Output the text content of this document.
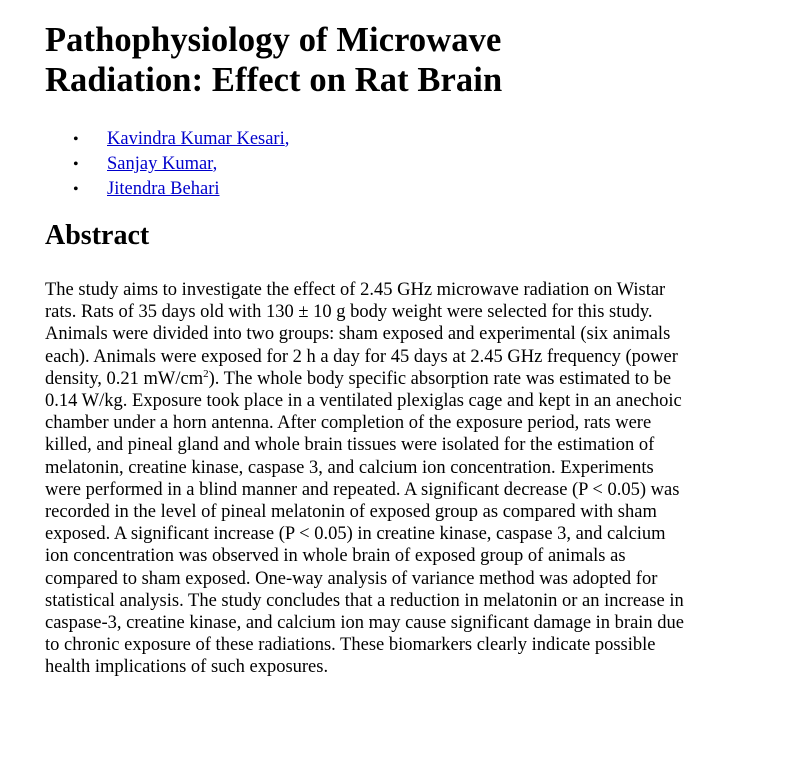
Pathophysiology of Microwave
Radiation: Effect on Rat Brain
• Kavindra Kumar Kesari,
• Sanjay Kumar,
• Jitendra Behari
Abstract

The study aims to investigate the effect of 2.45 GHz microwave radiation on Wistar
rats. Rats of 35 days old with 130 ± 10 g body weight were selected for this study.
Animals were divided into two groups: sham exposed and experimental (six animals
each). Animals were exposed for 2 h a day for 45 days at 2.45 GHz frequency (power
density, 0.21 $mW/cm^2$). The whole body specific absorption rate was estimated to be
0.14 W/kg. Exposure took place in a ventilated plexiglas cage and kept in an anechoic
chamber under a horn antenna. After completion of the exposure period, rats were
killed, and pineal gland and whole brain tissues were isolated for the estimation of
melatonin, creatine kinase, caspase 3, and calcium ion concentration. Experiments
were performed in a blind manner and repeated. A significant decrease (P < 0.05) was
recorded in the level of pineal melatonin of exposed group as compared with sham
exposed. A significant increase (P < 0.05) in creatine kinase, caspase 3, and calcium
ion concentration was observed in whole brain of exposed group of animals as
compared to sham exposed. One-way analysis of variance method was adopted for
statistical analysis. The study concludes that a reduction in melatonin or an increase in
caspase-3, creatine kinase, and calcium ion may cause significant damage in brain due
to chronic exposure of these radiations. These biomarkers clearly indicate possible
health implications of such exposures.
